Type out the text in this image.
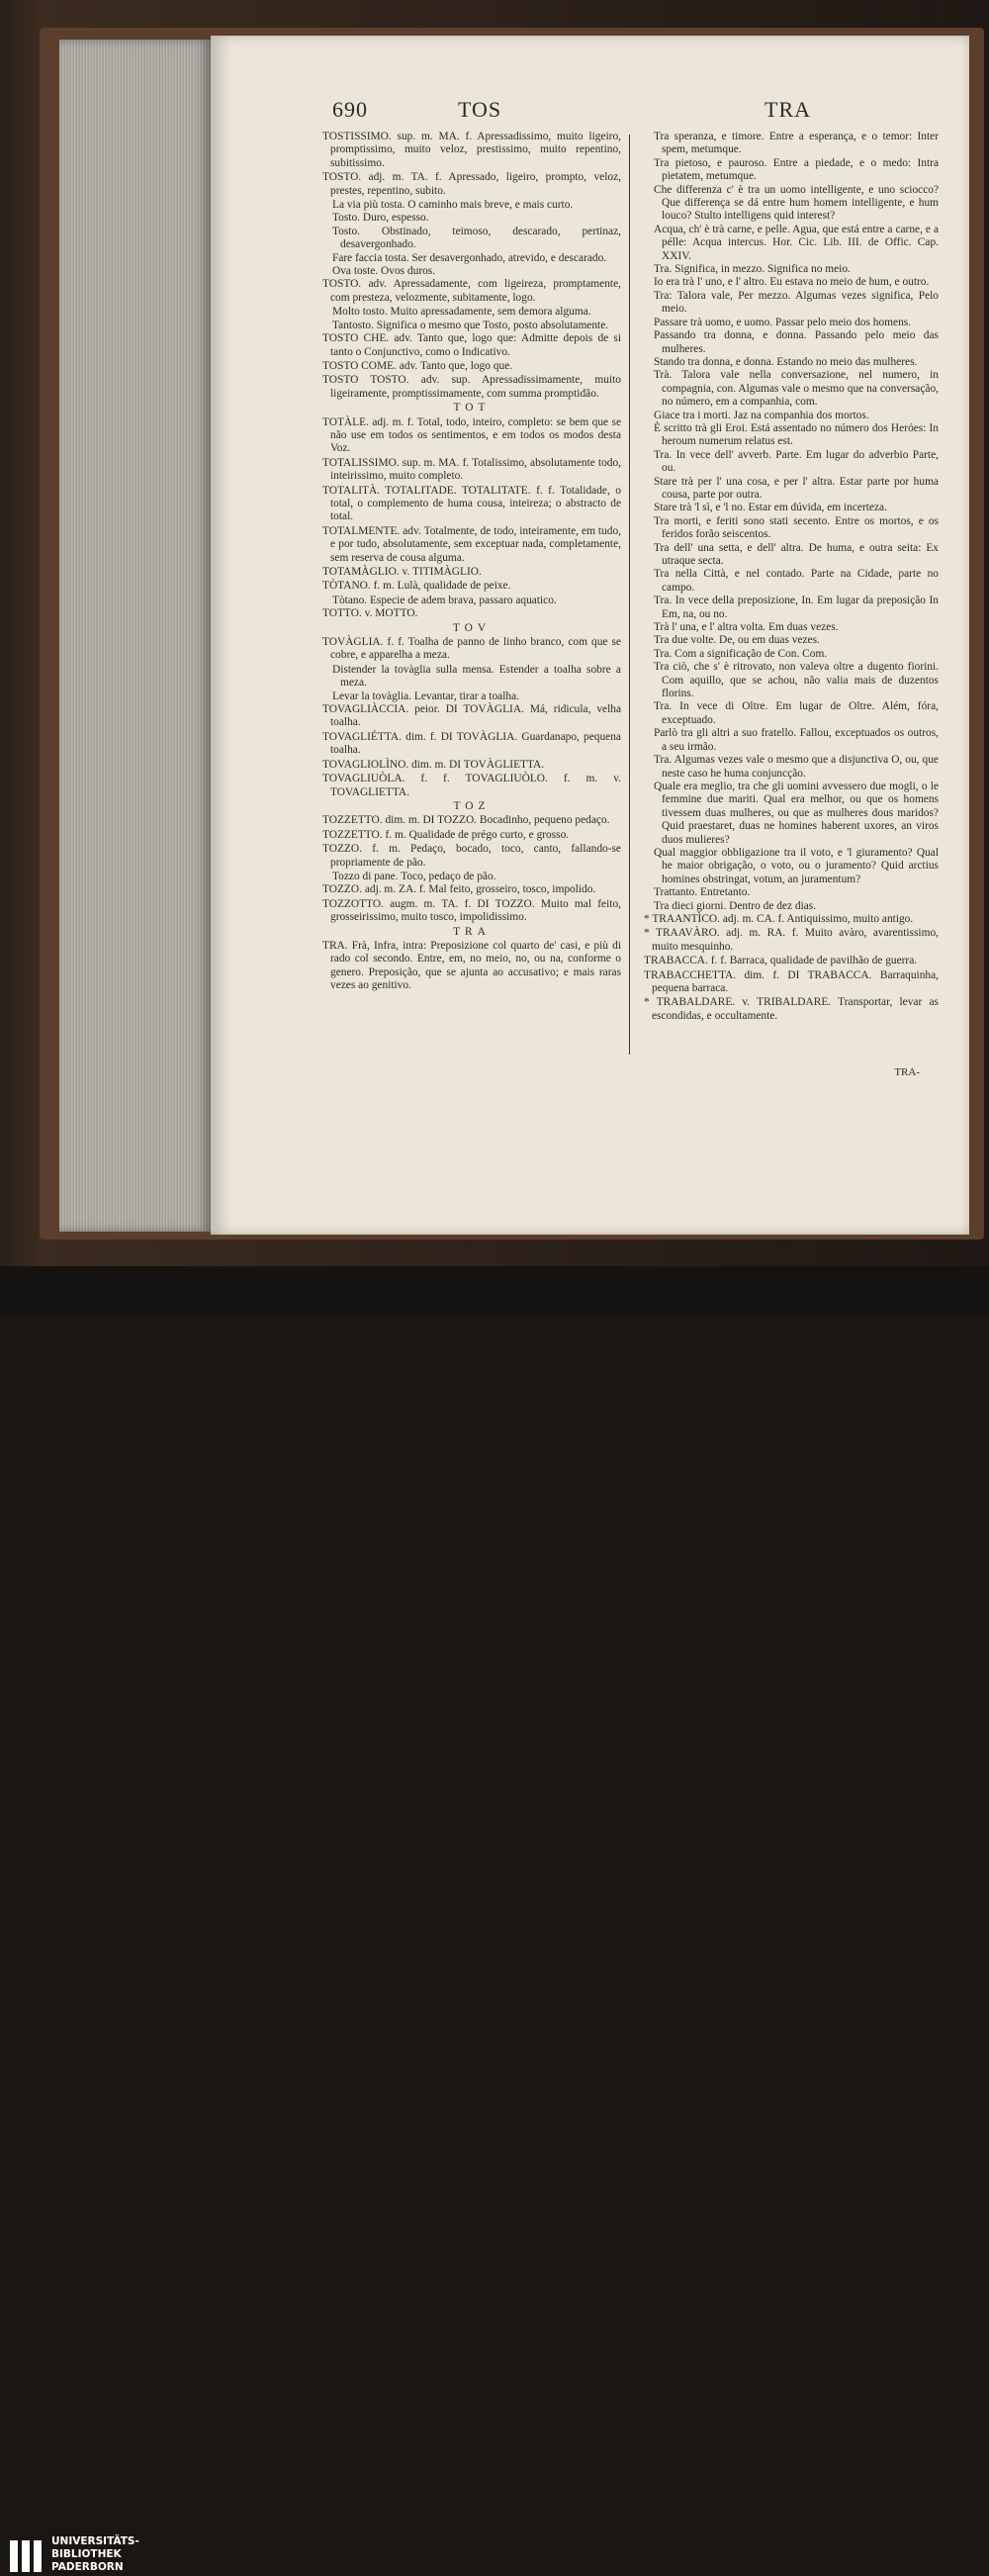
690	TOS	TRA
TOSTISSIMO. sup. m. MA. f. Apressadissimo, muito ligeiro, promptissimo, muito veloz, prestissimo, muito repentino, subitissimo.
TOSTO. adj. m. TA. f. Apressado, ligeiro, prompto, veloz, prestes, repentino, subito.
La via più tosta. O caminho mais breve, e mais curto.
Tosto. Duro, espesso.
Tosto. Obstinado, teimoso, descarado, pertinaz, desavergonhado.
Fare faccia tosta. Ser desavergonhado, atrevido, e descarado.
Ova toste. Ovos duros.
TOSTO. adv. Apressadamente, com ligeireza, promptamente, com presteza, velozmente, subitamente, logo.
Molto tosto. Muito apressadamente, sem demora alguma.
Tantosto. Significa o mesmo que Tosto, posto absolutamente.
TOSTO CHE. adv. Tanto que, logo que: Admitte depois de si tanto o Conjunctivo, como o Indicativo.
TOSTO COME. adv. Tanto que, logo que.
TOSTO TOSTO. adv. sup. Apressadissimamente, muito ligeiramente, promptissimamente, com summa promptidão.
TOT
TOTÀLE. adj. m. f. Total, todo, inteiro, completo: se bem que se não use em todos os sentimentos, e em todos os modos desta Voz.
TOTALISSIMO. sup. m. MA. f. Totalissimo, absolutamente todo, inteirissimo, muito completo.
TOTALITÀ. TOTALITADE. TOTALITATE. f. f. Totalidade, o total, o complemento de huma cousa, inteireza; o abstracto de total.
TOTALMENTE. adv. Totalmente, de todo, inteiramente, em tudo, e por tudo, absolutamente, sem exceptuar nada, completamente, sem reserva de cousa alguma.
TOTAMÀGLIO. v. TITIMÀGLIO.
TÒTANO. f. m. Lulà, qualidade de peixe.
Tòtano. Especie de adem brava, passaro aquatico.
TOTTO. v. MOTTO.
TOV
TOVÀGLIA. f. f. Toalha de panno de linho branco, com que se cobre, e apparelha a meza.
Distender la tovàglia sulla mensa. Estender a toalha sobre a meza.
Levar la tovàglia. Levantar, tirar a toalha.
TOVAGLIÀCCIA. peior. DI TOVÀGLIA. Má, ridicula, velha toalha.
TOVAGLIÉTTA. dim. f. DI TOVÀGLIA. Guardanapo, pequena toalha.
TOVAGLIOLÌNO. dim. m. DI TOVÀGLIETTA.
TOVAGLIUÒLA. f. f. TOVAGLIUÒLO. f. m. v. TOVAGLIETTA.
TOZ
TOZZETTO. dim. m. DI TOZZO. Bocadinho, pequeno pedaço.
TOZZETTO. f. m. Qualidade de prégo curto, e grosso.
TOZZO. f. m. Pedaço, bocado, toco, canto, fallando-se propriamente de pão.
Tozzo di pane. Toco, pedaço de pão.
TOZZO. adj. m. ZA. f. Mal feito, grosseiro, tosco, impolido.
TOZZOTTO. augm. m. TA. f. DI TOZZO. Muito mal feito, grosseirissimo, muito tosco, impolidissimo.
TRA
TRA. Frà, Infra, intra: Preposizione col quarto de' casi, e più di rado col secondo. Entre, em, no meio, no, ou na, conforme o genero. Preposição, que se ajunta ao accusativo; e mais raras vezes ao genitivo.
Tra speranza, e timore. Entre a esperança, e o temor: Inter spem, metumque.
Tra pietoso, e pauroso. Entre a piedade, e o medo: Intra pietatem, metumque.
Che differenza c' è tra un uomo intelligente, e uno sciocco? Que differença se dá entre hum homem intelligente, e hum louco? Stulto intelligens quid interest?
Acqua, ch' è trà carne, e pelle. Agua, que está entre a carne, e a pélle: Acqua intercus. Hor. Cic. Lib. III. de Offic. Cap. XXIV.
Tra. Significa, in mezzo. Significa no meio.
Io era trà l' uno, e l' altro. Eu estava no meio de hum, e outro.
Tra: Talora vale, Per mezzo. Algumas vezes significa, Pelo meio.
Passare trà uomo, e uomo. Passar pelo meio dos homens.
Passando tra donna, e donna. Passando pelo meio das mulheres.
Stando tra donna, e donna. Estando no meio das mulheres.
Trà. Talora vale nella conversazione, nel numero, in compagnia, con. Algumas vale o mesmo que na conversação, no número, em a companhia, com.
Giace tra i morti. Jaz na companhia dos mortos.
È scritto trà gli Eroi. Está assentado no número dos Heróes: In heroum numerum relatus est.
Tra. In vece dell' avverb. Parte. Em lugar do adverbio Parte, ou.
Stare trà per l' una cosa, e per l' altra. Estar parte por huma cousa, parte por outra.
Stare trà 'l sì, e 'l no. Estar em dúvida, em incerteza.
Tra morti, e feriti sono stati secento. Entre os mortos, e os feridos forão seiscentos.
Tra dell' una setta, e dell' altra. De huma, e outra seita: Ex utraque secta.
Tra nella Città, e nel contado. Parte na Cidade, parte no campo.
Tra. In vece della preposizione, In. Em lugar da preposição In Em, na, ou no.
Trà l' una, e l' altra volta. Em duas vezes.
Tra due volte. De, ou em duas vezes.
Tra. Com a significação de Con. Com.
Tra ciò, che s' è ritrovato, non valeva oltre a dugento fiorini. Com aquillo, que se achou, não valia mais de duzentos florins.
Tra. In vece di Oltre. Em lugar de Oltre. Além, fóra, exceptuado.
Parlò tra gli altri a suo fratello. Fallou, exceptuados os outros, a seu irmão.
Tra. Algumas vezes vale o mesmo que a disjunctiva O, ou, que neste caso he huma conjuncção.
Quale era meglio, tra che gli uomini avvessero due mogli, o le femmine due mariti. Qual era melhor, ou que os homens tivessem duas mulheres, ou que as mulheres dous maridos? Quid praestaret, duas ne homines haberent uxores, an viros duos mulieres?
Qual maggior obbligazione tra il voto, e 'l giuramento? Qual he maior obrigação, o voto, ou o juramento? Quid arctius homines obstringat, votum, an juramentum?
Trattanto. Entretanto.
Tra dieci giorni. Dentro de dez dias.
* TRAANTÌCO. adj. m. CA. f. Antiquissimo, muito antigo.
* TRAAVÀRO. adj. m. RA. f. Muito avàro, avarentissimo, muito mesquinho.
TRABACCA. f. f. Barraca, qualidade de pavilhão de guerra.
TRABACCHETTA. dim. f. DI TRABACCA. Barraquinha, pequena barraca.
* TRABALDARE. v. TRIBALDARE. Transportar, levar as escondidas, e occultamente.
TRA-
UNIVERSITÄTS-
BIBLIOTHEK
PADERBORN
